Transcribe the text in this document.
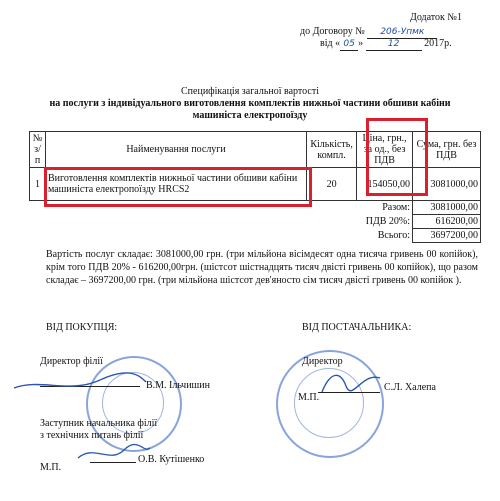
Додаток №1
до Договору № 206-Упмк
від « 05 »	12 2017р.
Специфікація загальної вартості
на послуги з індивідуального виготовлення комплектів нижньої частини обшиви кабіни
машиніста електропоїзду
№ з/п	Найменування послуги	Кількість, компл.	Ціна, грн., за од., без ПДВ	Сума, грн. без ПДВ
1	Виготовлення комплектів нижньої частини обшиви кабіни машиніста електропоїзду HRCS2	20	154050,00	3081000,00
Разом:				3081000,00
ПДВ 20%:				616200,00
Всього:				3697200,00
Вартість послуг складає: 3081000,00 грн. (три мільйона вісімдесят одна тисяча гривень 00 копійок), крім того ПДВ 20% - 616200,00грн. (шістсот шістнадцять тисяч двісті гривень 00 копійок), що разом складає – 3697200,00 грн. (три мільйона шістсот дев'яносто сім тисяч двісті гривень 00 копійок ).
ВІД ПОКУПЦЯ:
Директор філії
В.М. Ільчишин
Заступник начальника філії
з технічних питань філії
О.В. Кутішенко
М.П.
ВІД ПОСТАЧАЛЬНИКА:
Директор
С.Л. Халепа
М.П.
